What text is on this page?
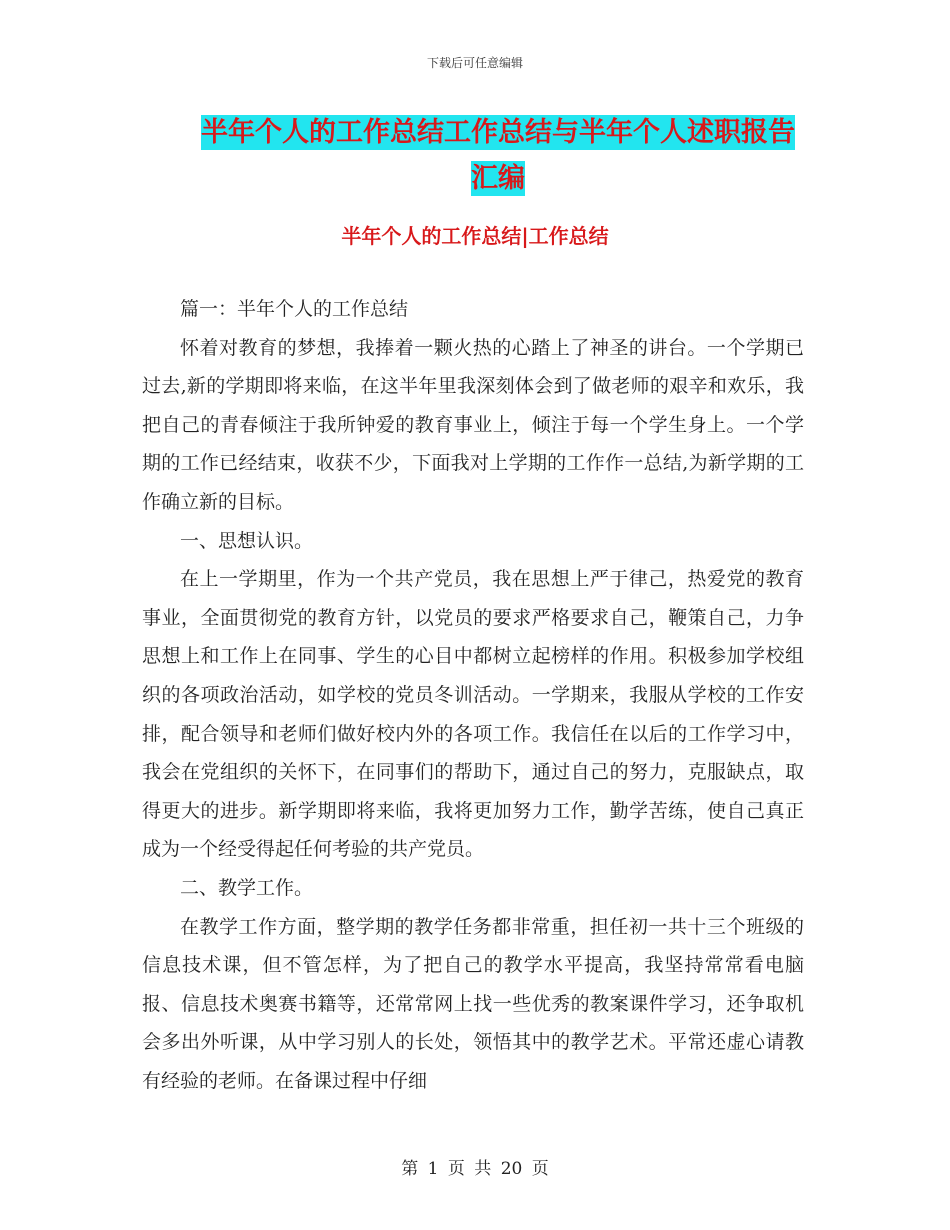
下载后可任意编辑
半年个人的工作总结工作总结与半年个人述职报告汇编
半年个人的工作总结|工作总结

篇一：半年个人的工作总结

怀着对教育的梦想，我捧着一颗火热的心踏上了神圣的讲台。一个学期已过去,新的学期即将来临，在这半年里我深刻体会到了做老师的艰辛和欢乐，我把自己的青春倾注于我所钟爱的教育事业上，倾注于每一个学生身上。一个学期的工作已经结束，收获不少，下面我对上学期的工作作一总结,为新学期的工作确立新的目标。

一、思想认识。

在上一学期里，作为一个共产党员，我在思想上严于律己，热爱党的教育事业，全面贯彻党的教育方针，以党员的要求严格要求自己，鞭策自己，力争思想上和工作上在同事、学生的心目中都树立起榜样的作用。积极参加学校组织的各项政治活动，如学校的党员冬训活动。一学期来，我服从学校的工作安排，配合领导和老师们做好校内外的各项工作。我信任在以后的工作学习中，我会在党组织的关怀下，在同事们的帮助下，通过自己的努力，克服缺点，取得更大的进步。新学期即将来临，我将更加努力工作，勤学苦练，使自己真正成为一个经受得起任何考验的共产党员。

二、教学工作。

在教学工作方面，整学期的教学任务都非常重，担任初一共十三个班级的信息技术课，但不管怎样，为了把自己的教学水平提高，我坚持常常看电脑报、信息技术奥赛书籍等，还常常网上找一些优秀的教案课件学习，还争取机会多出外听课，从中学习别人的长处，领悟其中的教学艺术。平常还虚心请教有经验的老师。在备课过程中仔细

第 1 页 共 20 页
